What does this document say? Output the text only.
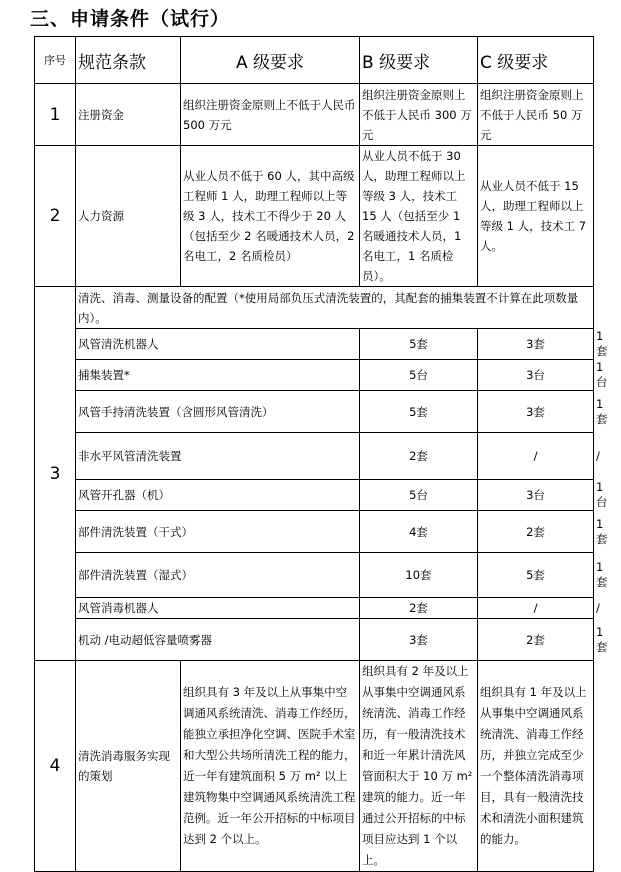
三、申请条件（试行）
序号	规范条款	A 级要求	B 级要求	C 级要求	
1	注册资金	组织注册资金原则上不低于人民币 500 万元	组织注册资金原则上不低于人民币 300 万元	组织注册资金原则上不低于人民币 50 万元	
2	人力资源	从业人员不低于 60 人，其中高级工程师 1 人，助理工程师以上等级 3 人，技术工不得少于 20 人（包括至少 2 名暖通技术人员，2 名电工，2 名质检员）	从业人员不低于 30 人，助理工程师以上等级 3 人，技术工 15 人（包括至少 1 名暖通技术人员，1 名电工，1 名质检员）。	从业人员不低于 15 人，助理工程师以上等级 1 人，技术工 7 人。	
3	清洗、消毒、测量设备的配置（*使用局部负压式清洗装置的，其配套的捕集装置不计算在此项数量内）。				
	风管清洗机器人		5套	3套	1套
	捕集装置*		5台	3台	1台
	风管手持清洗装置（含圆形风管清洗）		5套	3套	1套
	非水平风管清洗装置		2套	/	/
	风管开孔器（机）		5台	3台	1台
	部件清洗装置（干式）		4套	2套	1套
	部件清洗装置（湿式）		10套	5套	1套
	风管消毒机器人		2套	/	/
	机动 /电动超低容量喷雾器		3套	2套	1套
4	清洗消毒服务实现的策划	组织具有 3 年及以上从事集中空调通风系统清洗、消毒工作经历，能独立承担净化空调、医院手术室和大型公共场所清洗工程的能力，近一年有建筑面积 5 万 m² 以上建筑物集中空调通风系统清洗工程范例。近一年公开招标的中标项目达到 2 个以上。	组织具有 2 年及以上从事集中空调通风系统清洗、消毒工作经历，有一般清洗技术和近一年累计清洗风管面积大于 10 万 m² 建筑的能力。近一年通过公开招标的中标项目应达到 1 个以上。	组织具有 1 年及以上从事集中空调通风系统清洗、消毒工作经历，并独立完成至少一个整体清洗消毒项目，具有一般清洗技术和清洗小面积建筑的能力。	
